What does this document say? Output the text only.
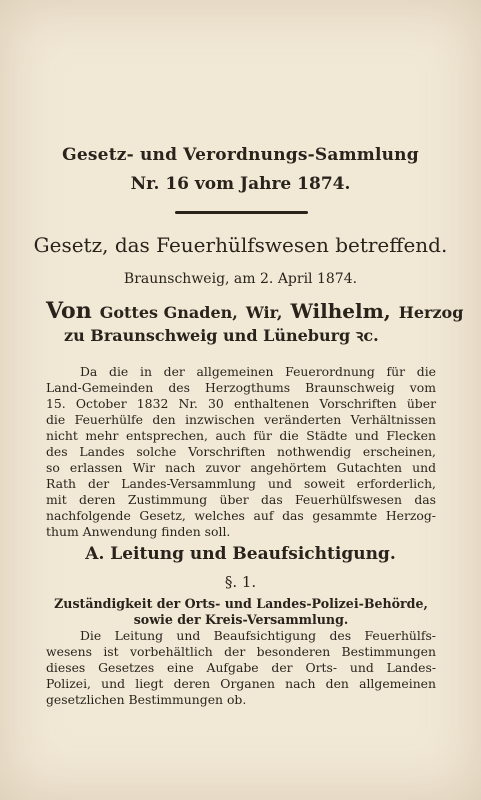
Gesetz- und Verordnungs-Sammlung
Nr. 16 vom Jahre 1874.
Gesetz, das Feuerhülfswesen betreffend.
Braunschweig, am 2. April 1874.
Von Gottes Gnaden, Wir, Wilhelm, Herzog
zu Braunschweig und Lüneburg ꝛc.
Da die in der allgemeinen Feuerordnung für die
Land-Gemeinden des Herzogthums Braunschweig vom
15. October 1832 Nr. 30 enthaltenen Vorschriften über
die Feuerhülfe den inzwischen veränderten Verhältnissen
nicht mehr entsprechen, auch für die Städte und Flecken
des Landes solche Vorschriften nothwendig erscheinen,
so erlassen Wir nach zuvor angehörtem Gutachten und
Rath der Landes-Versammlung und soweit erforderlich,
mit deren Zustimmung über das Feuerhülfswesen das
nachfolgende Gesetz, welches auf das gesammte Herzog-
thum Anwendung finden soll.
A. Leitung und Beaufsichtigung.
§. 1.
Zuständigkeit der Orts- und Landes-Polizei-Behörde,
sowie der Kreis-Versammlung.
Die Leitung und Beaufsichtigung des Feuerhülfs-
wesens ist vorbehältlich der besonderen Bestimmungen
dieses Gesetzes eine Aufgabe der Orts- und Landes-
Polizei, und liegt deren Organen nach den allgemeinen
gesetzlichen Bestimmungen ob.
